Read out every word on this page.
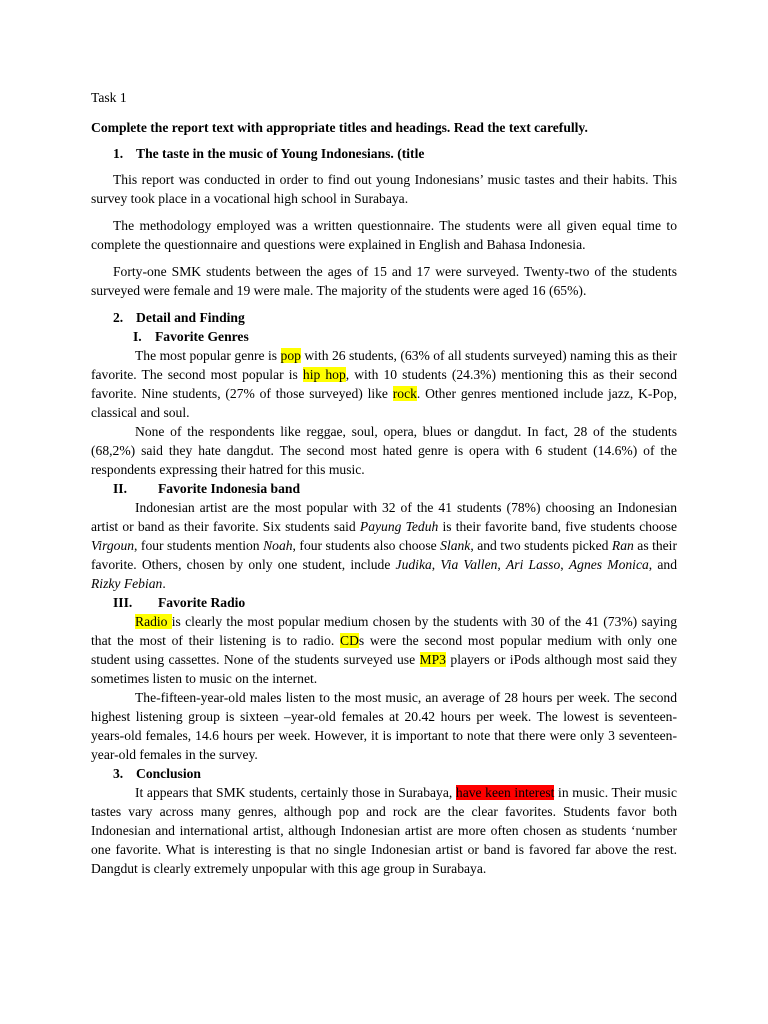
Task 1

Complete the report text with appropriate titles and headings. Read the text carefully.

1. The taste in the music of Young Indonesians. (title

This report was conducted in order to find out young Indonesians’ music tastes and their habits. This survey took place in a vocational high school in Surabaya.

The methodology employed was a written questionnaire. The students were all given equal time to complete the questionnaire and questions were explained in English and Bahasa Indonesia.

Forty-one SMK students between the ages of 15 and 17 were surveyed. Twenty-two of the students surveyed were female and 19 were male. The majority of the students were aged 16 (65%).

2. Detail and Finding

I. Favorite Genres

The most popular genre is pop with 26 students, (63% of all students surveyed) naming this as their favorite. The second most popular is hip hop, with 10 students (24.3%) mentioning this as their second favorite. Nine students, (27% of those surveyed) like rock. Other genres mentioned include jazz, K-Pop, classical and soul.

None of the respondents like reggae, soul, opera, blues or dangdut. In fact, 28 of the students (68,2%) said they hate dangdut. The second most hated genre is opera with 6 student (14.6%) of the respondents expressing their hatred for this music.

II. Favorite Indonesia band

Indonesian artist are the most popular with 32 of the 41 students (78%) choosing an Indonesian artist or band as their favorite. Six students said Payung Teduh is their favorite band, five students choose Virgoun, four students mention Noah, four students also choose Slank, and two students picked Ran as their favorite. Others, chosen by only one student, include Judika, Via Vallen, Ari Lasso, Agnes Monica, and Rizky Febian.

III. Favorite Radio

Radio is clearly the most popular medium chosen by the students with 30 of the 41 (73%) saying that the most of their listening is to radio. CDs were the second most popular medium with only one student using cassettes. None of the students surveyed use MP3 players or iPods although most said they sometimes listen to music on the internet.

The-fifteen-year-old males listen to the most music, an average of 28 hours per week. The second highest listening group is sixteen –year-old females at 20.42 hours per week. The lowest is seventeen-years-old females, 14.6 hours per week. However, it is important to note that there were only 3 seventeen-year-old females in the survey.

3. Conclusion

It appears that SMK students, certainly those in Surabaya, have keen interest in music. Their music tastes vary across many genres, although pop and rock are the clear favorites. Students favor both Indonesian and international artist, although Indonesian artist are more often chosen as students ‘number one favorite. What is interesting is that no single Indonesian artist or band is favored far above the rest. Dangdut is clearly extremely unpopular with this age group in Surabaya.
